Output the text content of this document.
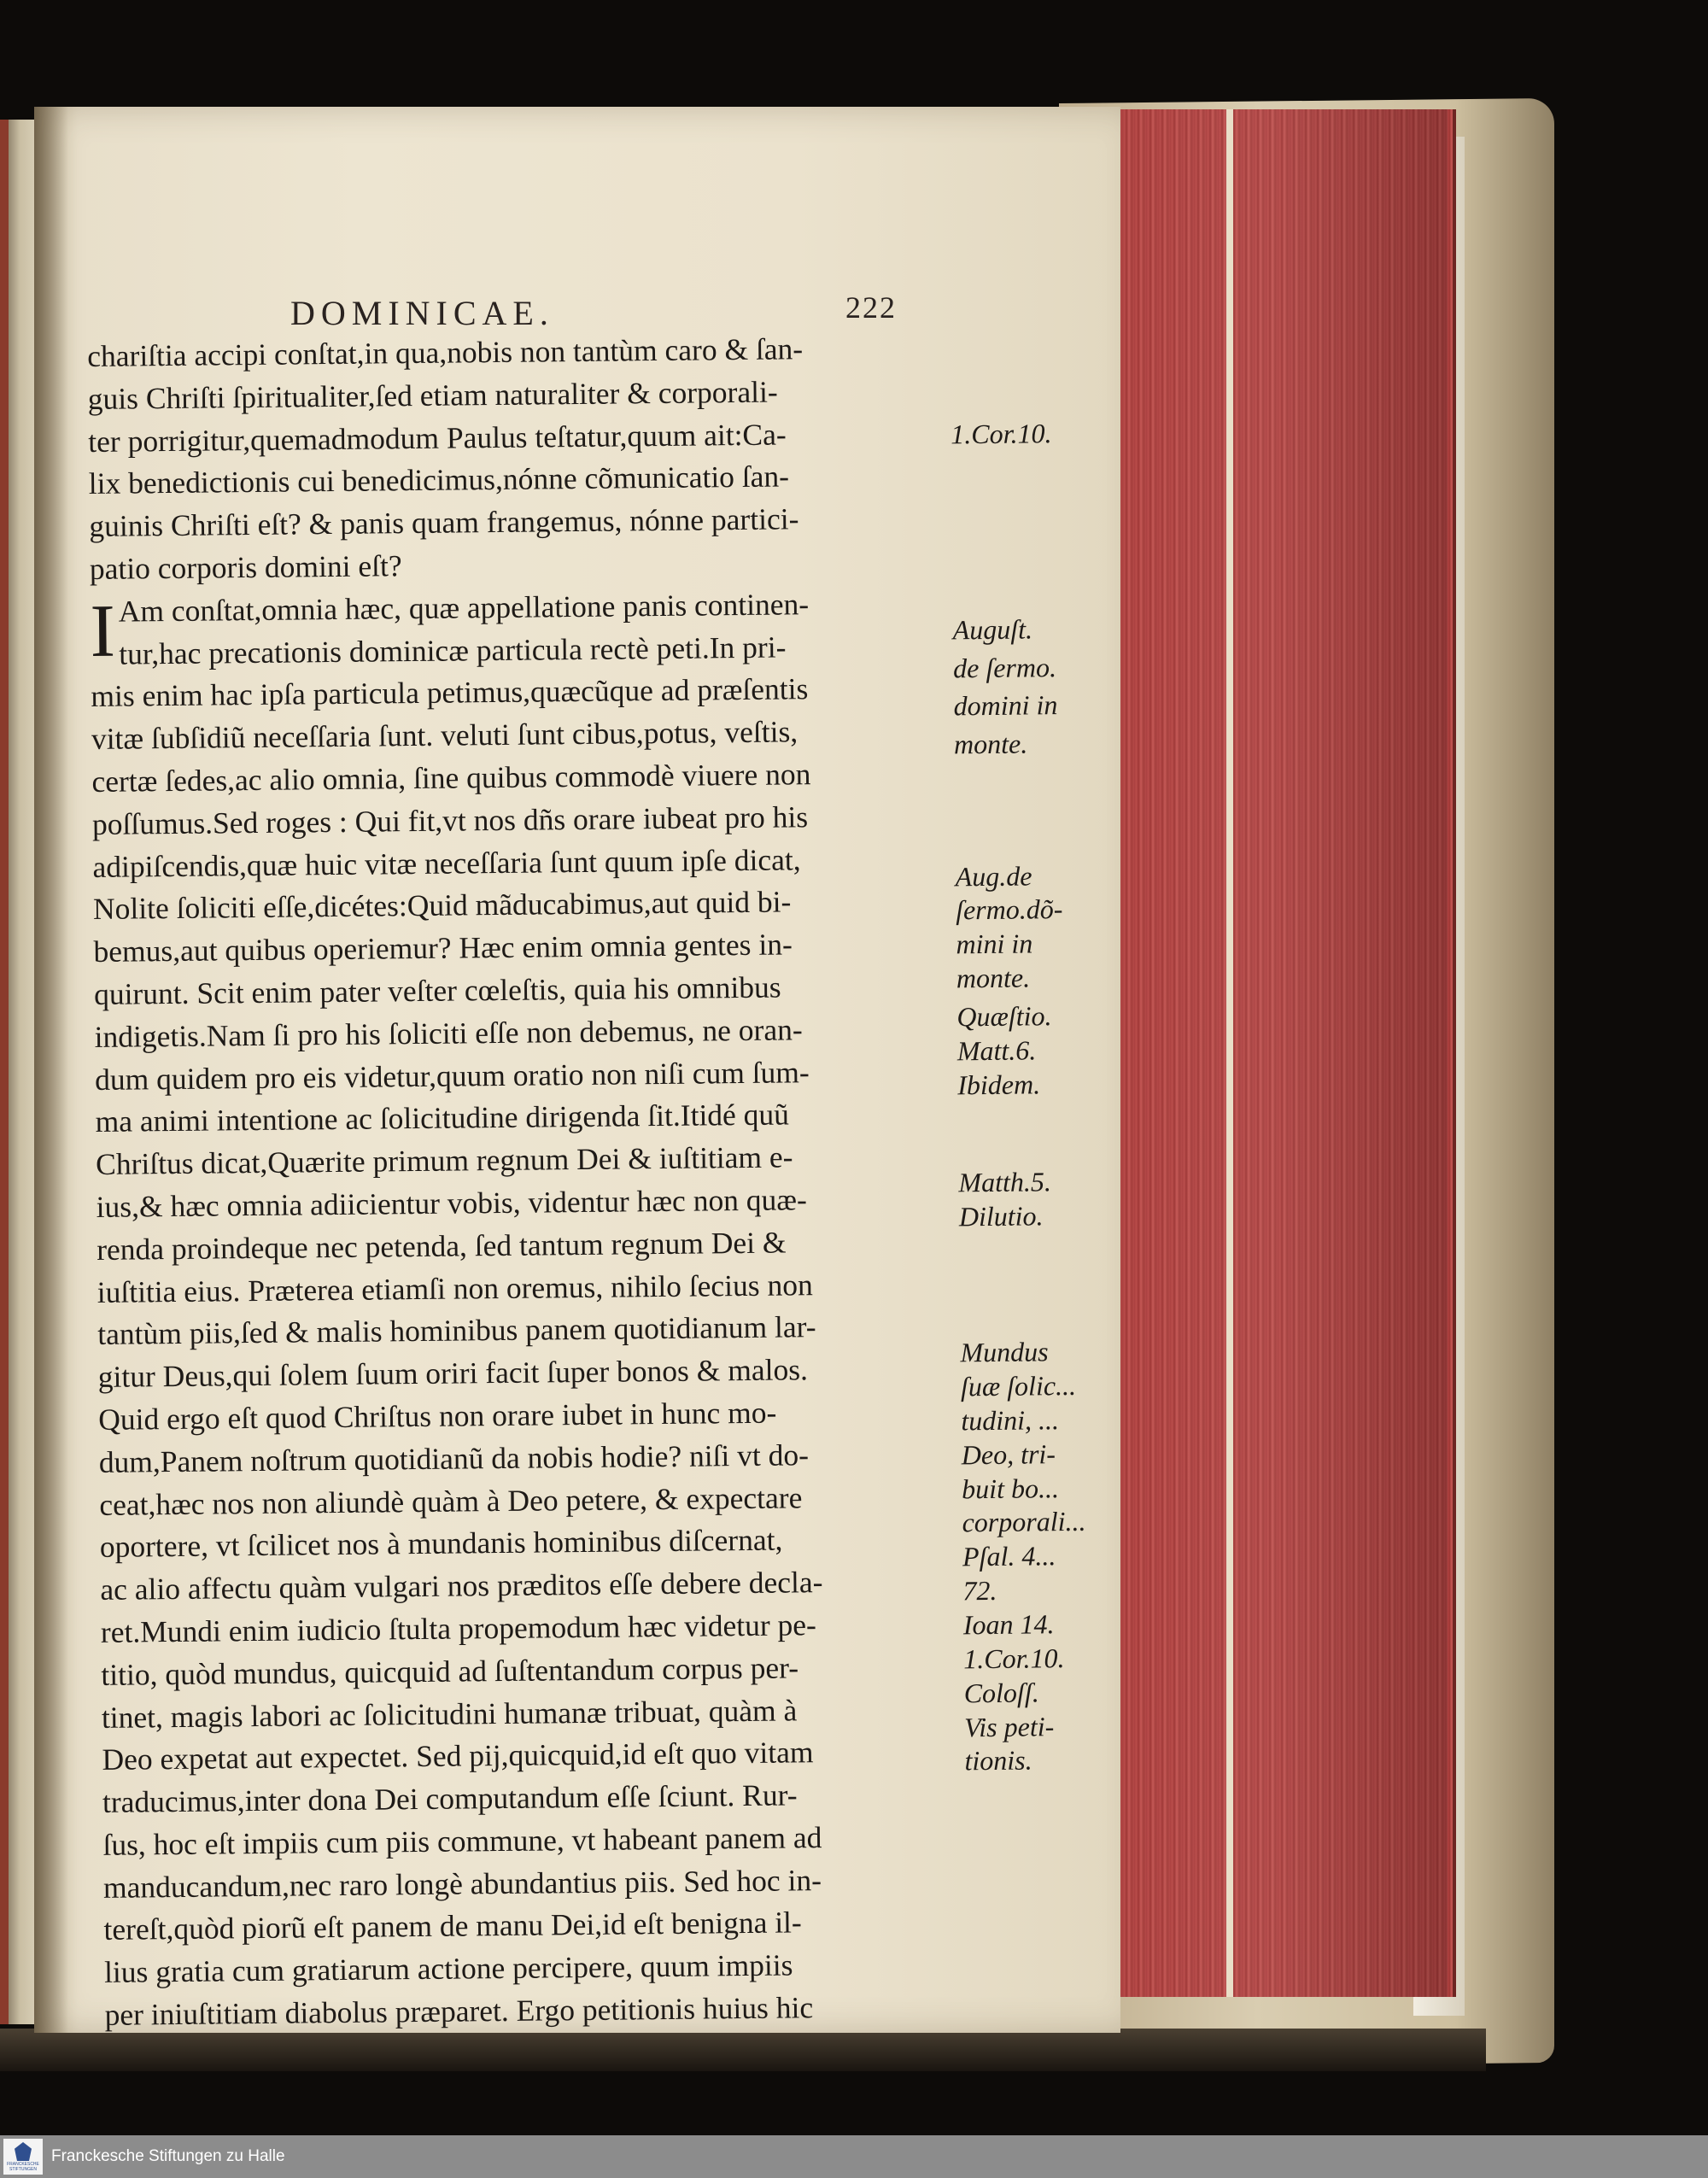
DOMINICAE.	222
chariſtia accipi conſtat,in qua,nobis non tantùm caro & ſan-
guis Chriſti ſpiritualiter,ſed etiam naturaliter & corporali-
ter porrigitur,quemadmodum Paulus teſtatur,quum ait:Ca-
lix benedictionis cui benedicimus,nónne cõmunicatio ſan-
guinis Chriſti eſt? & panis quam frangemus, nónne partici-
patio corporis domini eſt?
I Am conſtat,omnia hæc, quæ appellatione panis continen-
tur,hac precationis dominicæ particula rectè peti.In pri-
mis enim hac ipſa particula petimus,quæcũque ad præſentis
vitæ ſubſidiũ neceſſaria ſunt. veluti ſunt cibus,potus, veſtis,
certæ ſedes,ac alio omnia, ſine quibus commodè viuere non
poſſumus.Sed roges : Qui fit,vt nos dñs orare iubeat pro his
adipiſcendis,quæ huic vitæ neceſſaria ſunt quum ipſe dicat,
Nolite ſoliciti eſſe,dicétes:Quid mãducabimus,aut quid bi-
bemus,aut quibus operiemur? Hæc enim omnia gentes in-
quirunt. Scit enim pater veſter cœleſtis, quia his omnibus
indigetis.Nam ſi pro his ſoliciti eſſe non debemus, ne oran-
dum quidem pro eis videtur,quum oratio non niſi cum ſum-
ma animi intentione ac ſolicitudine dirigenda ſit.Itidé quũ
Chriſtus dicat,Quærite primum regnum Dei & iuſtitiam e-
ius,& hæc omnia adiicientur vobis, videntur hæc non quæ-
renda proindeque nec petenda, ſed tantum regnum Dei &
iuſtitia eius. Præterea etiamſi non oremus, nihilo ſecius non
tantùm piis,ſed & malis hominibus panem quotidianum lar-
gitur Deus,qui ſolem ſuum oriri facit ſuper bonos & malos.
Quid ergo eſt quod Chriſtus non orare iubet in hunc mo-
dum,Panem noſtrum quotidianũ da nobis hodie? niſi vt do-
ceat,hæc nos non aliundè quàm à Deo petere, & expectare
oportere, vt ſcilicet nos à mundanis hominibus diſcernat,
ac alio affectu quàm vulgari nos præditos eſſe debere decla-
ret.Mundi enim iudicio ſtulta propemodum hæc videtur pe-
titio, quòd mundus, quicquid ad ſuſtentandum corpus per-
tinet, magis labori ac ſolicitudini humanæ tribuat, quàm à
Deo expetat aut expectet. Sed pij,quicquid,id eſt quo vitam
traducimus,inter dona Dei computandum eſſe ſciunt. Rur-
ſus, hoc eſt impiis cum piis commune, vt habeant panem ad
manducandum,nec raro longè abundantius piis. Sed hoc in-
tereſt,quòd piorũ eſt panem de manu Dei,id eſt benigna il-
lius gratia cum gratiarum actione percipere, quum impiis
per iniuſtitiam diabolus præparet. Ergo petitionis huius hic
1.Cor.10.
Auguſt.
de ſermo.
domini in
monte.
Aug.de
ſermo.dõ-
mini in
monte.
Quæſtio.
Matt.6.
Ibidem.
Matth.5.
Dilutio.
Mundus
ſuæ ſolic...
tudini, ...
Deo, tri-
buit bo...
corporali...
Pſal. 4...
72.
Ioan 14.
1.Cor.10.
Coloſſ.
Vis peti-
tionis.
FRANCKESCHE STIFTUNGEN
Franckesche Stiftungen zu Halle
